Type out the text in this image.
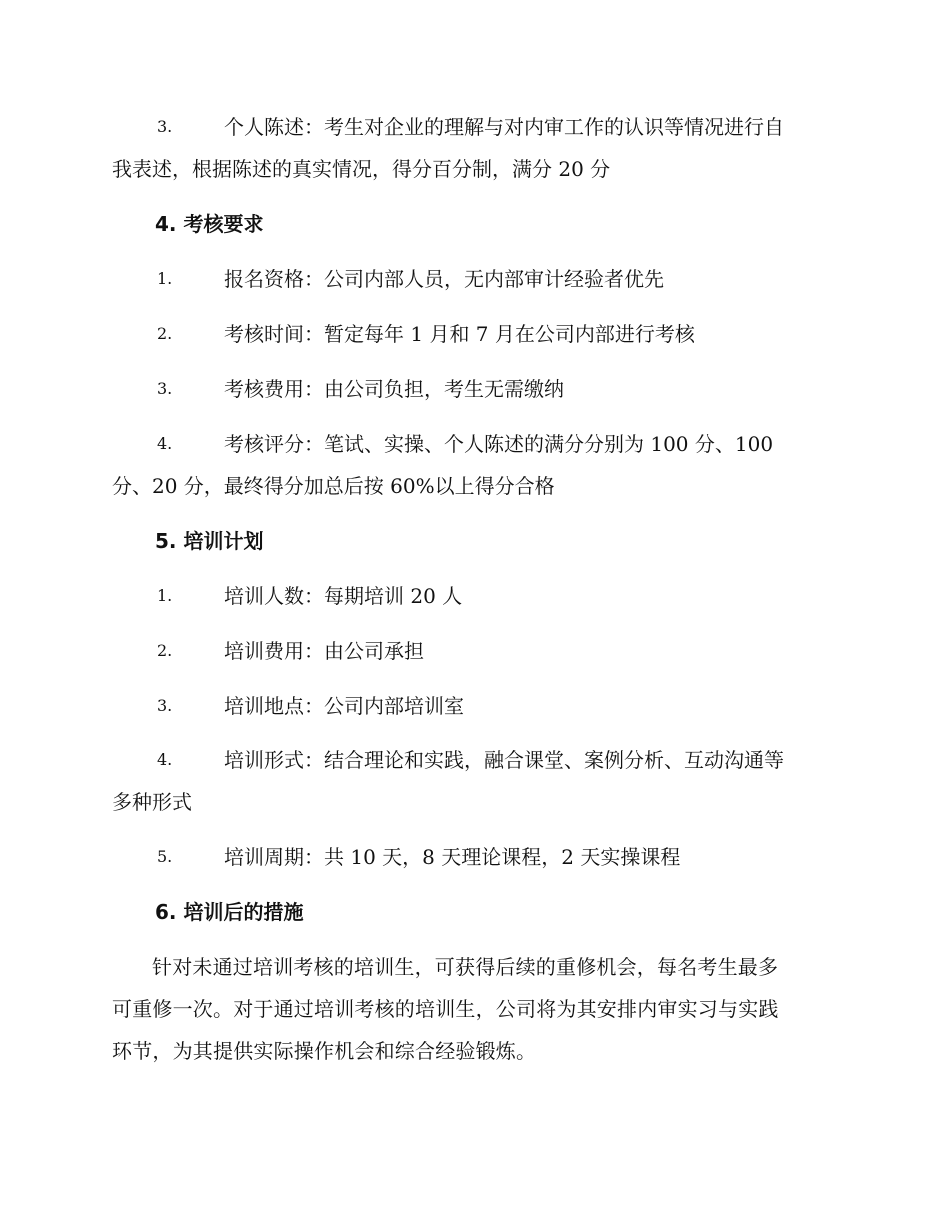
3.	个人陈述：考生对企业的理解与对内审工作的认识等情况进行自
我表述，根据陈述的真实情况，得分百分制，满分 20 分
4. 考核要求
1.	报名资格：公司内部人员，无内部审计经验者优先
2.	考核时间：暂定每年 1 月和 7 月在公司内部进行考核
3.	考核费用：由公司负担，考生无需缴纳
4.	考核评分：笔试、实操、个人陈述的满分分别为 100 分、100
分、20 分，最终得分加总后按 60%以上得分合格
5. 培训计划
1.	培训人数：每期培训 20 人
2.	培训费用：由公司承担
3.	培训地点：公司内部培训室
4.	培训形式：结合理论和实践，融合课堂、案例分析、互动沟通等
多种形式
5.	培训周期：共 10 天，8 天理论课程，2 天实操课程
6. 培训后的措施
针对未通过培训考核的培训生，可获得后续的重修机会，每名考生最多
可重修一次。对于通过培训考核的培训生，公司将为其安排内审实习与实践
环节，为其提供实际操作机会和综合经验锻炼。
